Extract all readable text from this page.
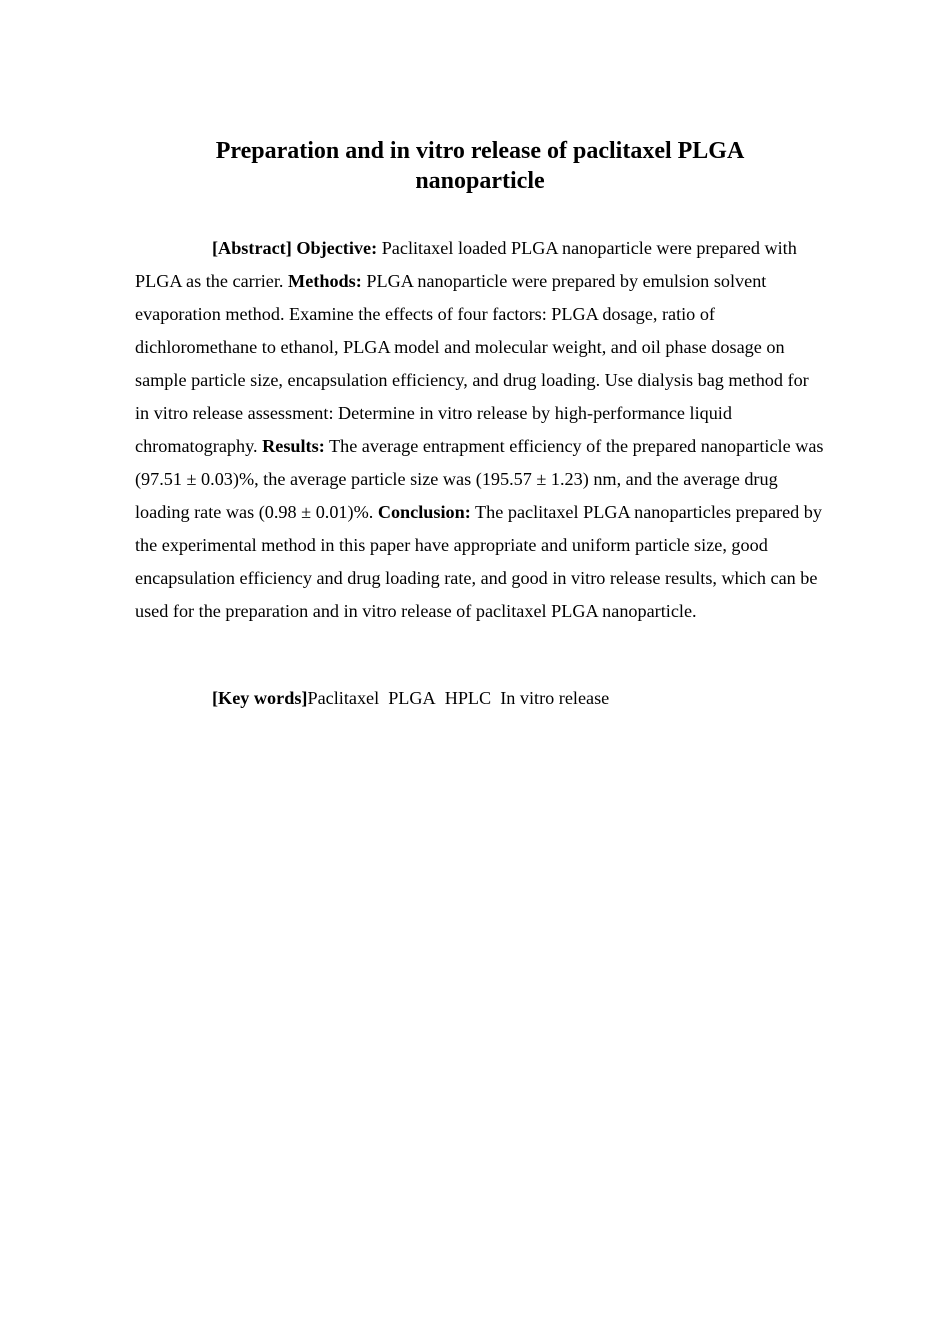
Preparation and in vitro release of paclitaxel PLGA nanoparticle

[Abstract] Objective: Paclitaxel loaded PLGA nanoparticle were prepared with PLGA as the carrier. Methods: PLGA nanoparticle were prepared by emulsion solvent evaporation method. Examine the effects of four factors: PLGA dosage, ratio of dichloromethane to ethanol, PLGA model and molecular weight, and oil phase dosage on sample particle size, encapsulation efficiency, and drug loading. Use dialysis bag method for in vitro release assessment: Determine in vitro release by high-performance liquid chromatography. Results: The average entrapment efficiency of the prepared nanoparticle was (97.51 ± 0.03)%, the average particle size was (195.57 ± 1.23) nm, and the average drug loading rate was (0.98 ± 0.01)%. Conclusion: The paclitaxel PLGA nanoparticles prepared by the experimental method in this paper have appropriate and uniform particle size, good encapsulation efficiency and drug loading rate, and good in vitro release results, which can be used for the preparation and in vitro release of paclitaxel PLGA nanoparticle.

[Key words]Paclitaxel PLGA HPLC In vitro release
